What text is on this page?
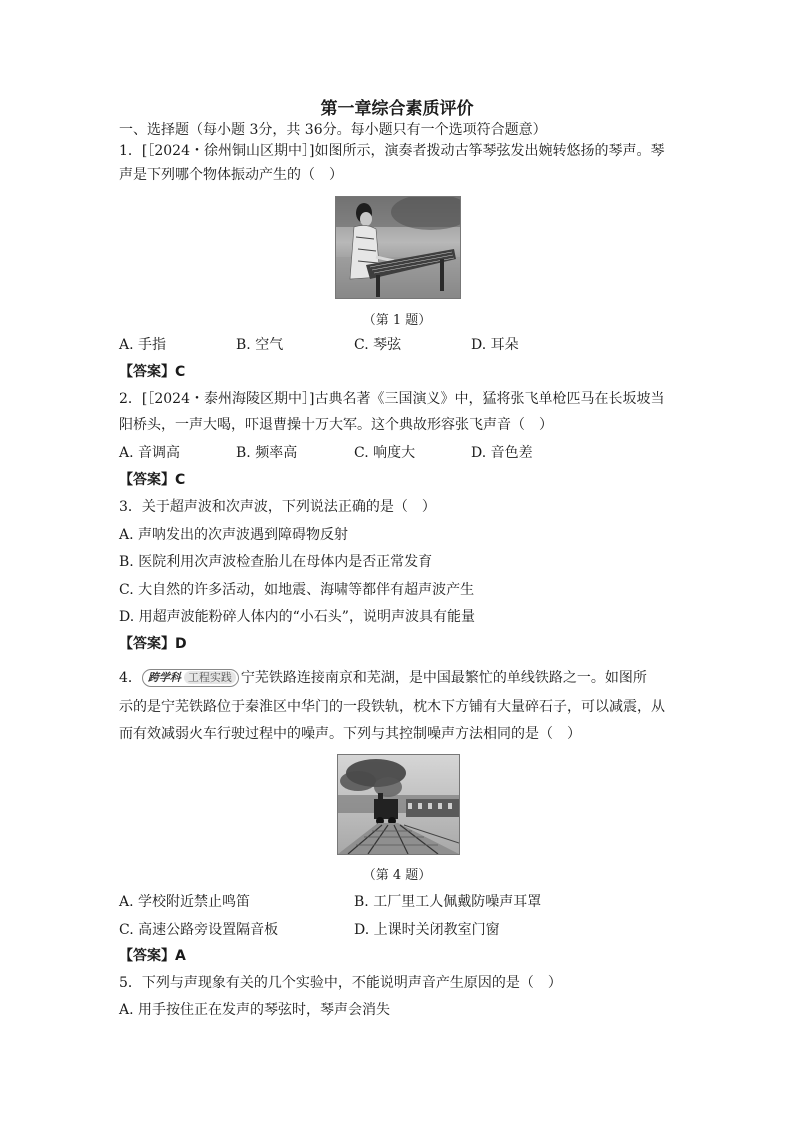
第一章综合素质评价
一、选择题（每小题 3分，共 36分。每小题只有一个选项符合题意）
1．[［2024・徐州铜山区期中］]如图所示，演奏者拨动古筝琴弦发出婉转悠扬的琴声。琴
声是下列哪个物体振动产生的（　）
（第 1 题）
A. 手指	B. 空气	C. 琴弦	D. 耳朵
【答案】C
2．[［2024・泰州海陵区期中］]古典名著《三国演义》中，猛将张飞单枪匹马在长坂坡当
阳桥头，一声大喝，吓退曹操十万大军。这个典故形容张飞声音（　）
A. 音调高	B. 频率高	C. 响度大	D. 音色差
【答案】C
3．关于超声波和次声波，下列说法正确的是（　）
A. 声呐发出的次声波遇到障碍物反射
B. 医院利用次声波检查胎儿在母体内是否正常发育
C. 大自然的许多活动，如地震、海啸等都伴有超声波产生
D. 用超声波能粉碎人体内的“小石头”，说明声波具有能量
【答案】D
4． 跨学科 工程实践 宁芜铁路连接南京和芜湖，是中国最繁忙的单线铁路之一。如图所
示的是宁芜铁路位于秦淮区中华门的一段铁轨，枕木下方铺有大量碎石子，可以减震，从
而有效减弱火车行驶过程中的噪声。下列与其控制噪声方法相同的是（　）
（第 4 题）
A. 学校附近禁止鸣笛	B. 工厂里工人佩戴防噪声耳罩
C. 高速公路旁设置隔音板	D. 上课时关闭教室门窗
【答案】A
5．下列与声现象有关的几个实验中，不能说明声音产生原因的是（　）
A. 用手按住正在发声的琴弦时，琴声会消失
